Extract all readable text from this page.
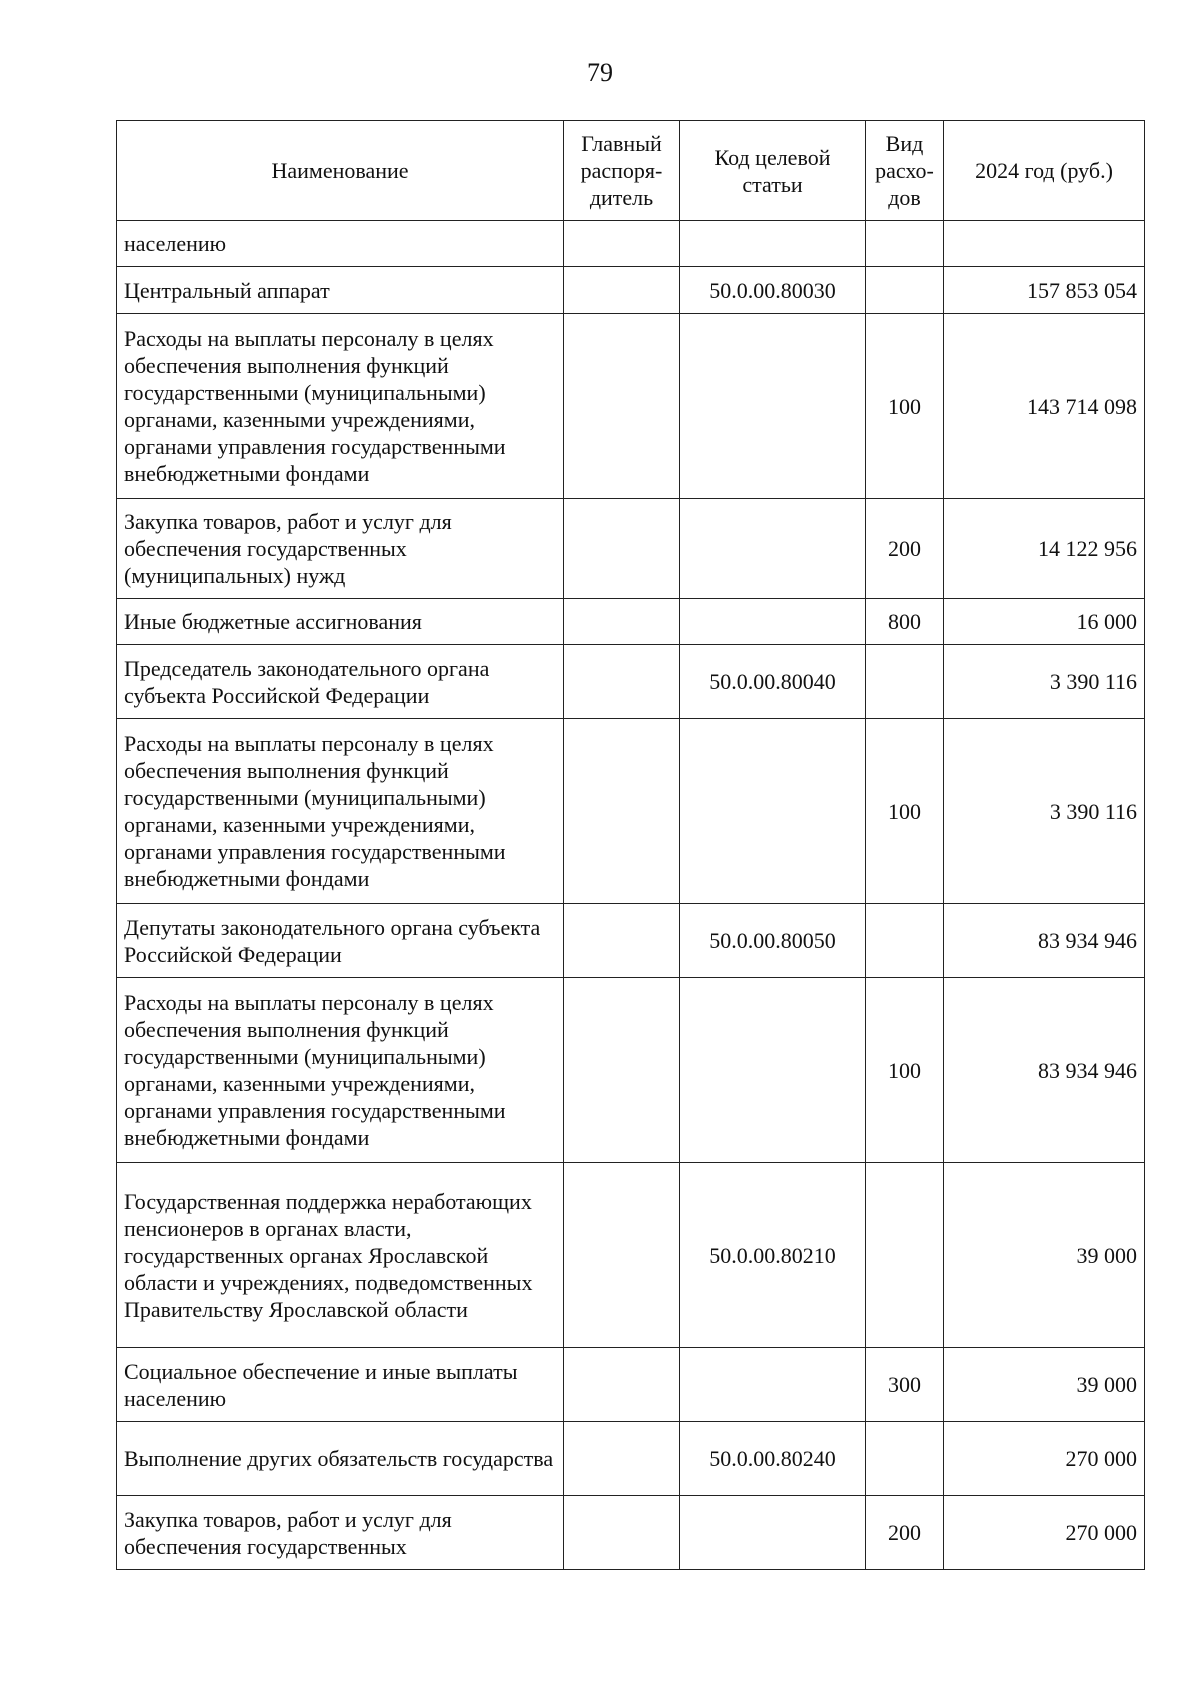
79
Наименование	Главный распоря- дитель	Код целевой статьи	Вид расхо- дов	2024 год (руб.)
населению				
Центральный аппарат		50.0.00.80030		157 853 054
Расходы на выплаты персоналу в целях обеспечения выполнения функций государственными (муниципальными) органами, казенными учреждениями, органами управления государственными внебюджетными фондами			100	143 714 098
Закупка товаров, работ и услуг для обеспечения государственных (муниципальных) нужд			200	14 122 956
Иные бюджетные ассигнования			800	16 000
Председатель законодательного органа субъекта Российской Федерации		50.0.00.80040		3 390 116
Расходы на выплаты персоналу в целях обеспечения выполнения функций государственными (муниципальными) органами, казенными учреждениями, органами управления государственными внебюджетными фондами			100	3 390 116
Депутаты законодательного органа субъекта Российской Федерации		50.0.00.80050		83 934 946
Расходы на выплаты персоналу в целях обеспечения выполнения функций государственными (муниципальными) органами, казенными учреждениями, органами управления государственными внебюджетными фондами			100	83 934 946
Государственная поддержка неработающих пенсионеров в органах власти, государственных органах Ярославской области и учреждениях, подведомственных Правительству Ярославской области		50.0.00.80210		39 000
Социальное обеспечение и иные выплаты населению			300	39 000
Выполнение других обязательств государства		50.0.00.80240		270 000
Закупка товаров, работ и услуг для обеспечения государственных			200	270 000
